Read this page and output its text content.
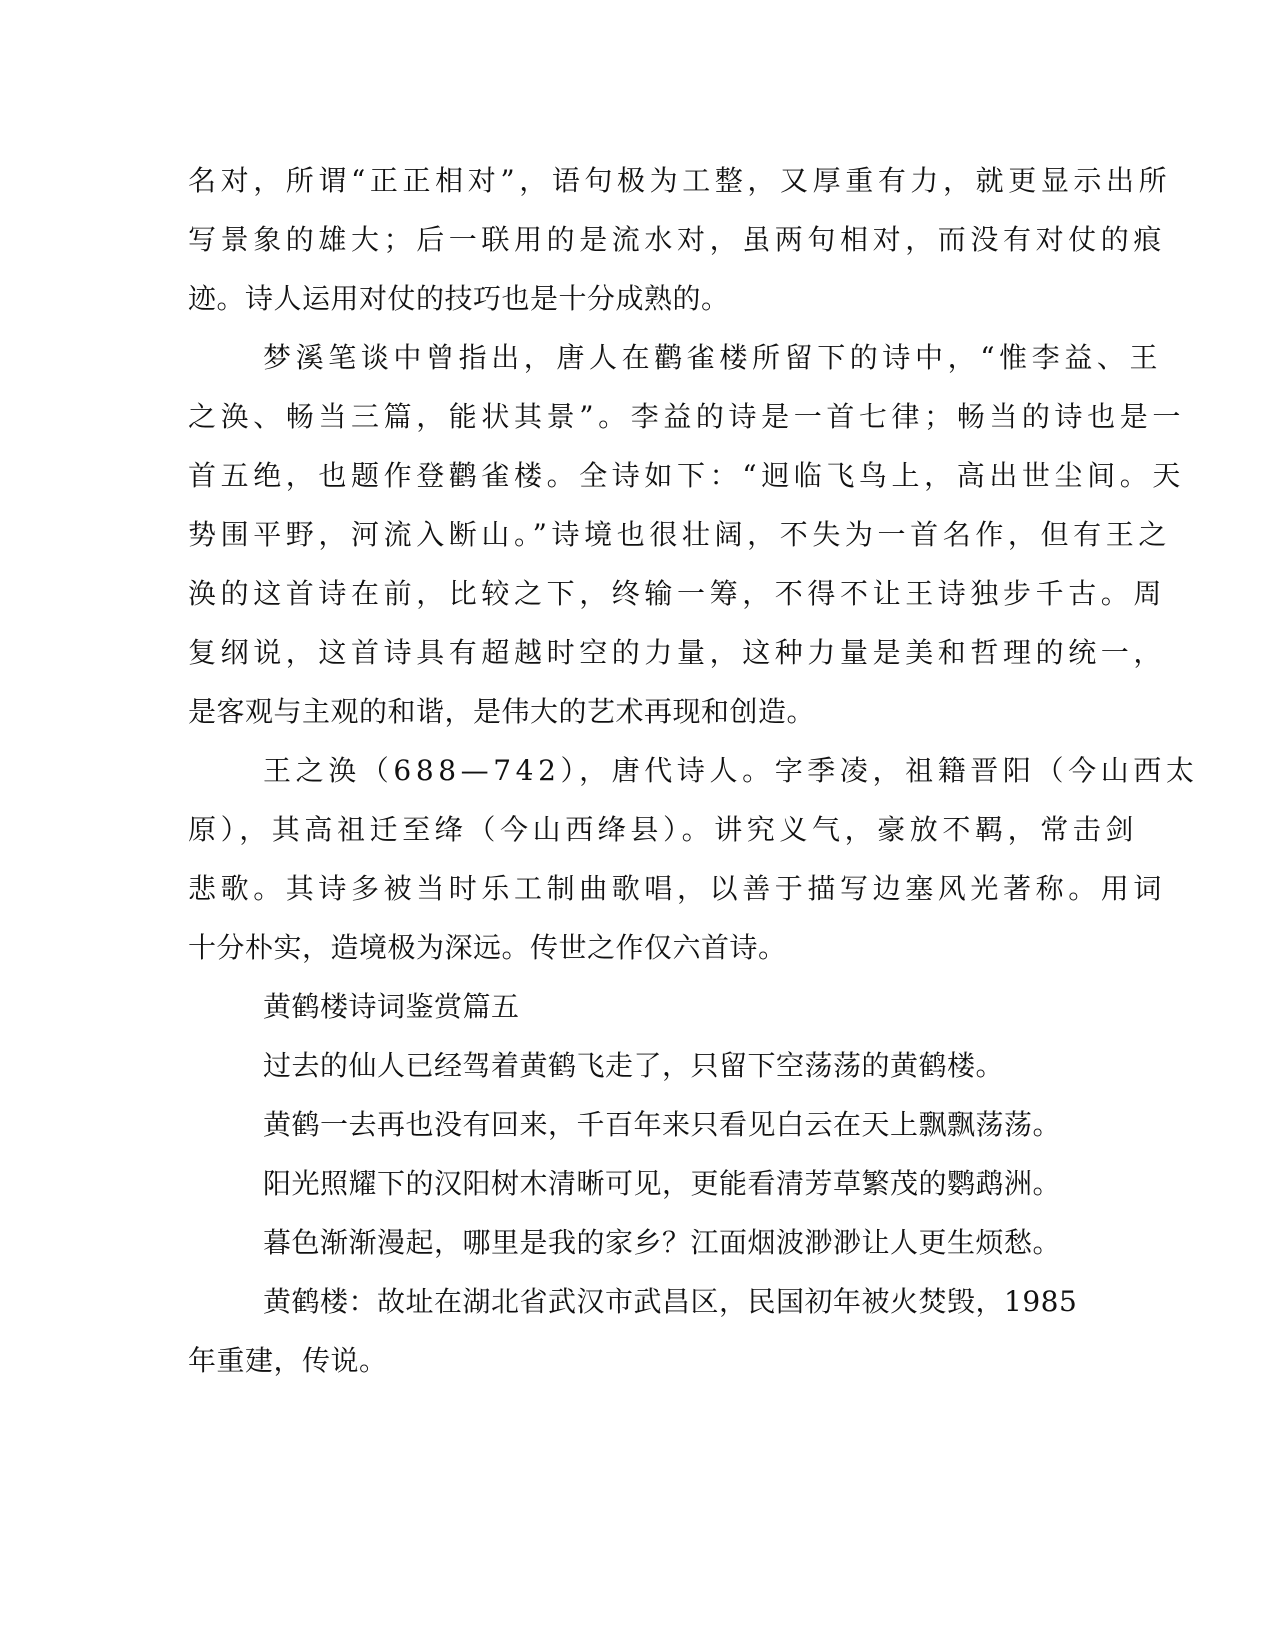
名对，所谓“正正相对”，语句极为工整，又厚重有力，就更显示出所
写景象的雄大；后一联用的是流水对，虽两句相对，而没有对仗的痕
迹。诗人运用对仗的技巧也是十分成熟的。
梦溪笔谈中曾指出，唐人在鹳雀楼所留下的诗中，“惟李益、王
之涣、畅当三篇，能状其景”。李益的诗是一首七律；畅当的诗也是一
首五绝，也题作登鹳雀楼。全诗如下：“迥临飞鸟上，高出世尘间。天
势围平野，河流入断山。”诗境也很壮阔，不失为一首名作，但有王之
涣的这首诗在前，比较之下，终输一筹，不得不让王诗独步千古。周
复纲说，这首诗具有超越时空的力量，这种力量是美和哲理的统一，
是客观与主观的和谐，是伟大的艺术再现和创造。
王之涣（688—742），唐代诗人。字季凌，祖籍晋阳（今山西太
原），其高祖迁至绛（今山西绛县）。讲究义气，豪放不羁，常击剑
悲歌。其诗多被当时乐工制曲歌唱，以善于描写边塞风光著称。用词
十分朴实，造境极为深远。传世之作仅六首诗。
黄鹤楼诗词鉴赏篇五
过去的仙人已经驾着黄鹤飞走了，只留下空荡荡的黄鹤楼。
黄鹤一去再也没有回来，千百年来只看见白云在天上飘飘荡荡。
阳光照耀下的汉阳树木清晰可见，更能看清芳草繁茂的鹦鹉洲。
暮色渐渐漫起，哪里是我的家乡？江面烟波渺渺让人更生烦愁。
黄鹤楼：故址在湖北省武汉市武昌区，民国初年被火焚毁，1985
年重建，传说。
